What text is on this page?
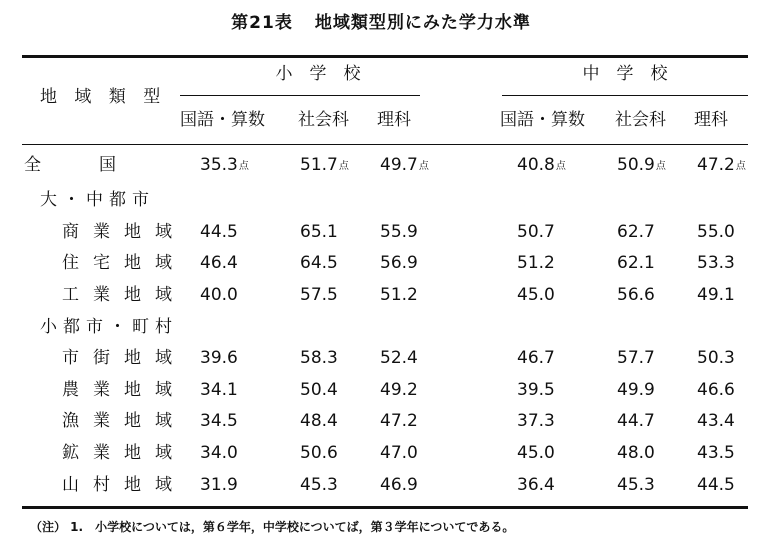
第21表 地域類型別にみた学力水準
地 域 類 型
小　学　校	中　学　校
国語・算数 社会科 理科	国語・算数 社会科 理科
全　　国	35.3点	51.7点 49.7点	40.8点	50.9点 47.2点
大・中都市
商業地域 44.5	65.1 55.9	50.7	62.7 55.0
住宅地域 46.4	64.5 56.9	51.2	62.1 53.3
工業地域 40.0	57.5 51.2	45.0	56.6 49.1
小都市・町村
市街地域 39.6	58.3 52.4	46.7	57.7 50.3
農業地域 34.1	50.4 49.2	39.5	49.9 46.6
漁業地域 34.5	48.4 47.2	37.3	44.7 43.4
鉱業地域 34.0	50.6 47.0	45.0	48.0 43.5
山村地域 31.9	45.3 46.9	36.4	45.3 44.5
（注） 1.　小学校については，第６学年，中学校についてば，第３学年についてである。
